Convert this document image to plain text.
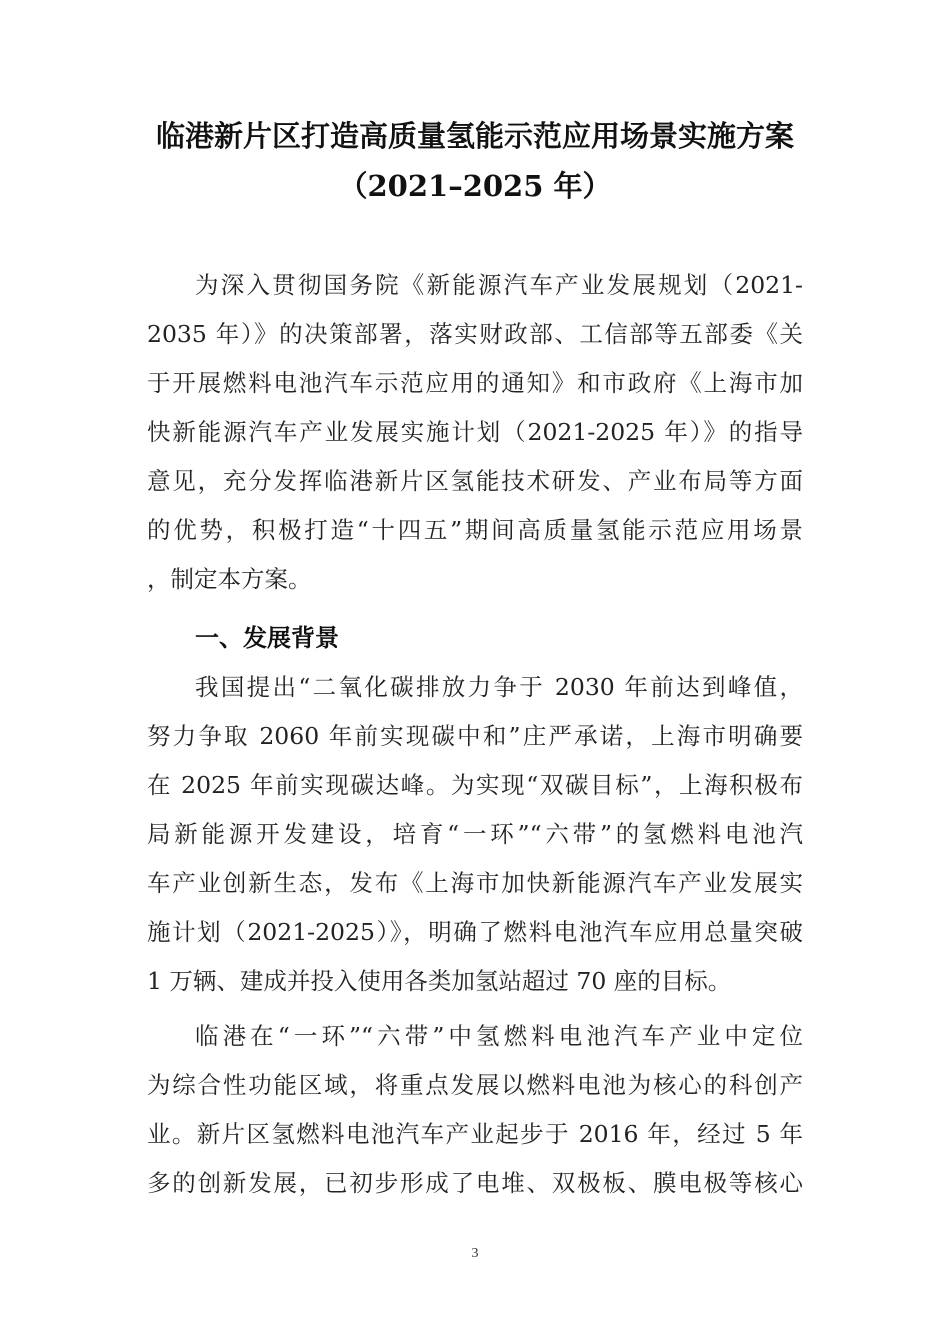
临港新片区打造高质量氢能示范应用场景实施方案
（2021–2025 年）
为深入贯彻国务院《新能源汽车产业发展规划（2021-
2035 年）》的决策部署，落实财政部、工信部等五部委《关
于开展燃料电池汽车示范应用的通知》和市政府《上海市加
快新能源汽车产业发展实施计划（2021-2025 年）》的指导
意见，充分发挥临港新片区氢能技术研发、产业布局等方面
的优势，积极打造“十四五”期间高质量氢能示范应用场景
，制定本方案。
一、发展背景
我国提出“二氧化碳排放力争于 2030 年前达到峰值，
努力争取 2060 年前实现碳中和”庄严承诺，上海市明确要
在 2025 年前实现碳达峰。为实现“双碳目标”，上海积极布
局新能源开发建设，培育“一环”“六带”的氢燃料电池汽
车产业创新生态，发布《上海市加快新能源汽车产业发展实
施计划（2021-2025）》，明确了燃料电池汽车应用总量突破
1 万辆、建成并投入使用各类加氢站超过 70 座的目标。
临港在“一环”“六带”中氢燃料电池汽车产业中定位
为综合性功能区域，将重点发展以燃料电池为核心的科创产
业。新片区氢燃料电池汽车产业起步于 2016 年，经过 5 年
多的创新发展，已初步形成了电堆、双极板、膜电极等核心
3
